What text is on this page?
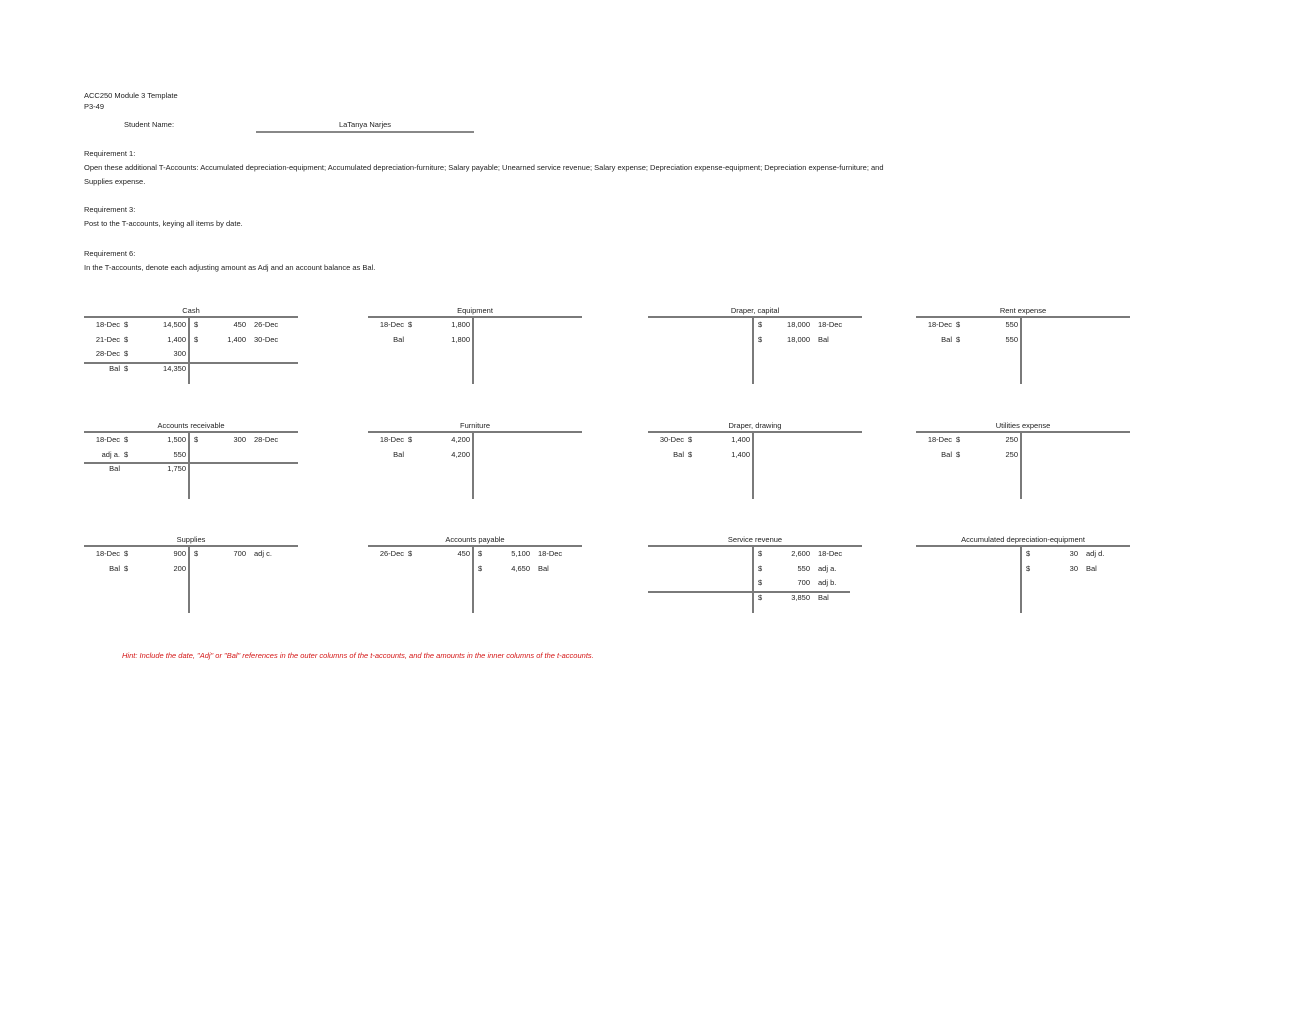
ACC250 Module 3 Template
P3-49
Student Name:	LaTanya Narjes
Requirement 1:
Open these additional T-Accounts: Accumulated depreciation-equipment; Accumulated depreciation-furniture; Salary payable; Unearned service revenue; Salary expense; Depreciation expense-equipment; Depreciation expense-furniture; and Supplies expense.
Requirement 3:
Post to the T-accounts, keying all items by date.
Requirement 6:
In the T-accounts, denote each adjusting amount as Adj and an account balance as Bal.
Cash
18-Dec $	14,500 $	450 26-Dec
21-Dec $	1,400 $	1,400 30-Dec
28-Dec $	300
Bal $	14,350
Equipment
18-Dec $	1,800
Bal	1,800
Draper, capital
$	18,000 18-Dec
$	18,000 Bal
Rent expense
18-Dec $	550
Bal $	550
Accounts receivable
18-Dec $	1,500 $	300 28-Dec
adj a. $	550
Bal	1,750
Furniture
18-Dec $	4,200
Bal	4,200
Draper, drawing
30-Dec $	1,400
Bal $	1,400
Utilities expense
18-Dec $	250
Bal $	250
Supplies
18-Dec $	900 $	700 adj c.
Bal $	200
Accounts payable
26-Dec $	450 $	5,100 18-Dec
$	4,650 Bal
Service revenue
$	2,600 18-Dec
$	550 adj a.
$	700 adj b.
$	3,850 Bal
Accumulated depreciation-equipment
$	30 adj d.
$	30 Bal
Hint: Include the date, "Adj" or "Bal" references in the outer columns of the t-accounts, and the amounts in the inner columns of the t-accounts.
